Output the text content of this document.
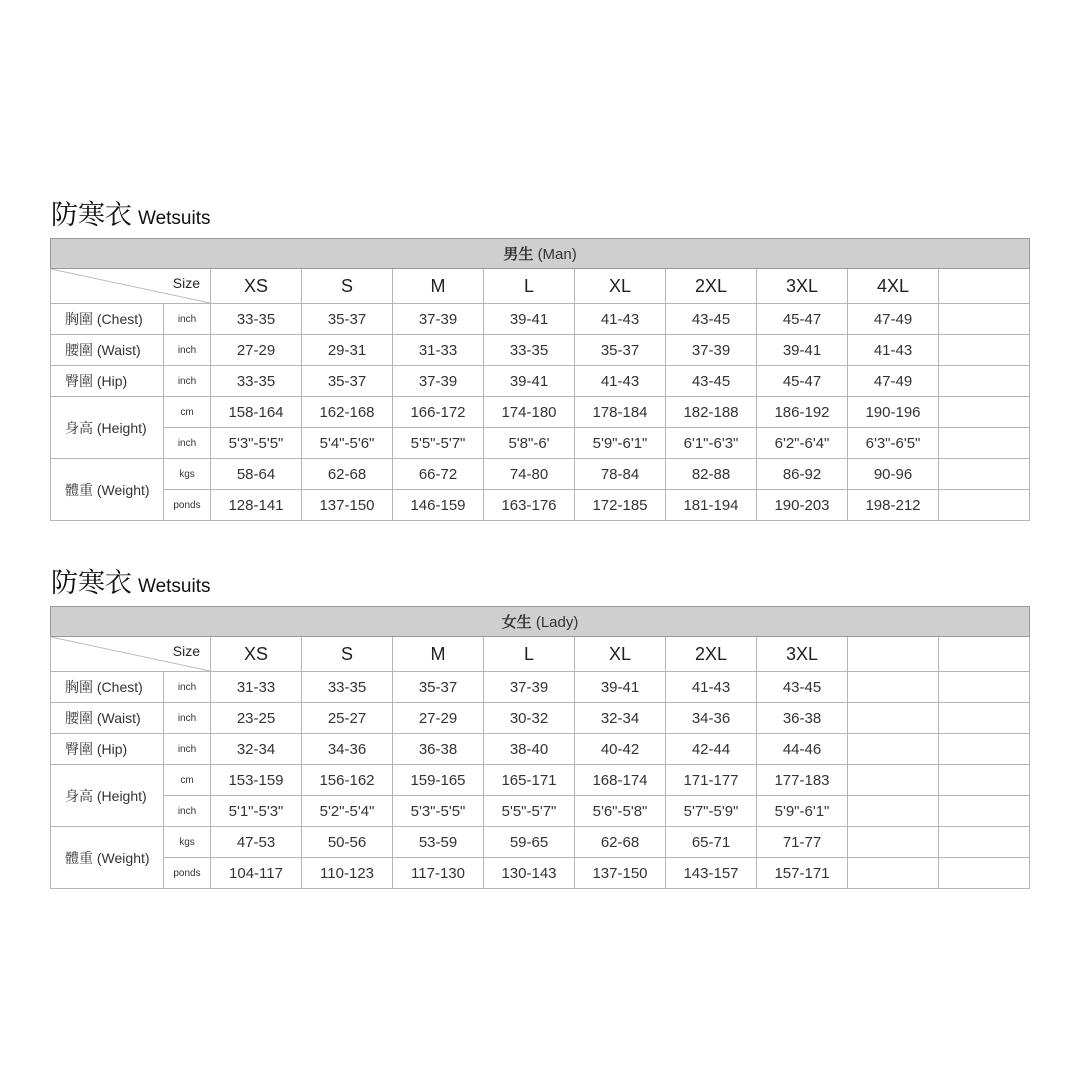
防寒衣 Wetsuits
男生 (Man)										

Size		XS	S	M	L	XL	2XL	3XL	4XL	
胸圍 (Chest)	inch	33-35	35-37	37-39	39-41	41-43	43-45	45-47	47-49	
腰圍 (Waist)	inch	27-29	29-31	31-33	33-35	35-37	37-39	39-41	41-43	
臀圍 (Hip)	inch	33-35	35-37	37-39	39-41	41-43	43-45	45-47	47-49	
身高 (Height)	cm	158-164	162-168	166-172	174-180	178-184	182-188	186-192	190-196	
	inch	5'3"-5'5"	5'4"-5'6"	5'5"-5'7"	5'8"-6'	5'9"-6'1"	6'1"-6'3"	6'2"-6'4"	6'3"-6'5"	
體重 (Weight)	kgs	58-64	62-68	66-72	74-80	78-84	82-88	86-92	90-96	
	ponds	128-141	137-150	146-159	163-176	172-185	181-194	190-203	198-212	
防寒衣 Wetsuits
女生 (Lady)										

Size		XS	S	M	L	XL	2XL	3XL		
胸圍 (Chest)	inch	31-33	33-35	35-37	37-39	39-41	41-43	43-45		
腰圍 (Waist)	inch	23-25	25-27	27-29	30-32	32-34	34-36	36-38		
臀圍 (Hip)	inch	32-34	34-36	36-38	38-40	40-42	42-44	44-46		
身高 (Height)	cm	153-159	156-162	159-165	165-171	168-174	171-177	177-183		
	inch	5'1"-5'3"	5'2"-5'4"	5'3"-5'5"	5'5"-5'7"	5'6"-5'8"	5'7"-5'9"	5'9"-6'1"		
體重 (Weight)	kgs	47-53	50-56	53-59	59-65	62-68	65-71	71-77		
	ponds	104-117	110-123	117-130	130-143	137-150	143-157	157-171		
